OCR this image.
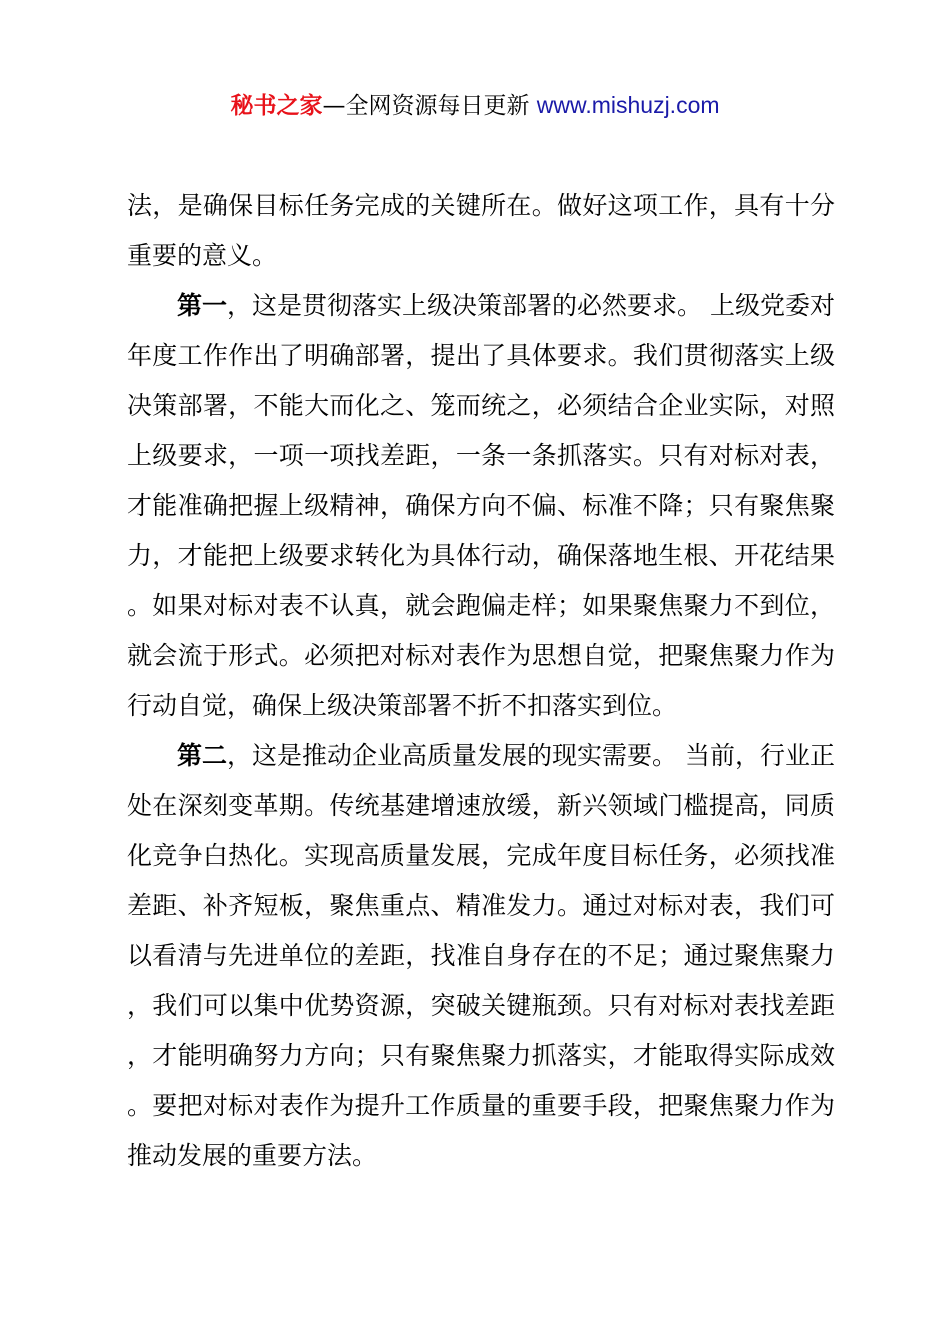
秘书之家—全网资源每日更新 www.mishuzj.com

法，是确保目标任务完成的关键所在。做好这项工作，具有十分重要的意义。

第一，这是贯彻落实上级决策部署的必然要求。 上级党委对年度工作作出了明确部署，提出了具体要求。我们贯彻落实上级决策部署，不能大而化之、笼而统之，必须结合企业实际，对照上级要求，一项一项找差距，一条一条抓落实。只有对标对表，才能准确把握上级精神，确保方向不偏、标准不降；只有聚焦聚力，才能把上级要求转化为具体行动，确保落地生根、开花结果。如果对标对表不认真，就会跑偏走样；如果聚焦聚力不到位，就会流于形式。必须把对标对表作为思想自觉，把聚焦聚力作为行动自觉，确保上级决策部署不折不扣落实到位。

第二，这是推动企业高质量发展的现实需要。 当前，行业正处在深刻变革期。传统基建增速放缓，新兴领域门槛提高，同质化竞争白热化。实现高质量发展，完成年度目标任务，必须找准差距、补齐短板，聚焦重点、精准发力。通过对标对表，我们可以看清与先进单位的差距，找准自身存在的不足；通过聚焦聚力，我们可以集中优势资源，突破关键瓶颈。只有对标对表找差距，才能明确努力方向；只有聚焦聚力抓落实，才能取得实际成效。要把对标对表作为提升工作质量的重要手段，把聚焦聚力作为推动发展的重要方法。
